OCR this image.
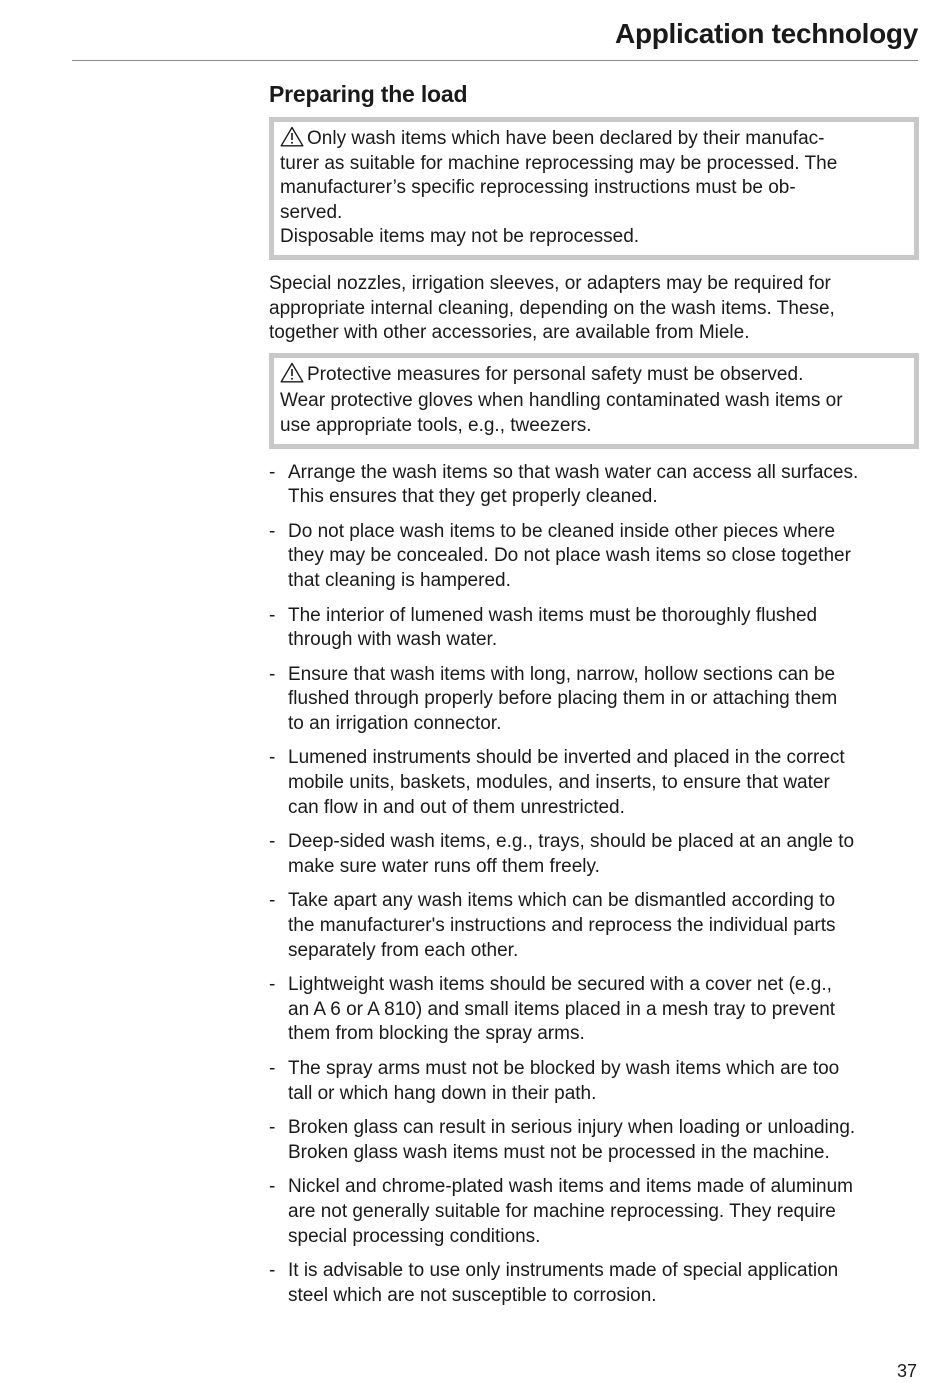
Application technology
Preparing the load

Only wash items which have been declared by their manufac-
turer as suitable for machine reprocessing may be processed. The
manufacturer’s specific reprocessing instructions must be ob-
served.
Disposable items may not be reprocessed.

Special nozzles, irrigation sleeves, or adapters may be required for
appropriate internal cleaning, depending on the wash items. These,
together with other accessories, are available from Miele.

Protective measures for personal safety must be observed.

Wear protective gloves when handling contaminated wash items or
use appropriate tools, e.g., tweezers.

- Arrange the wash items so that wash water can access all surfaces.
This ensures that they get properly cleaned.
- Do not place wash items to be cleaned inside other pieces where
they may be concealed. Do not place wash items so close together
that cleaning is hampered.
- The interior of lumened wash items must be thoroughly flushed
through with wash water.
- Ensure that wash items with long, narrow, hollow sections can be
flushed through properly before placing them in or attaching them
to an irrigation connector.
- Lumened instruments should be inverted and placed in the correct
mobile units, baskets, modules, and inserts, to ensure that water
can flow in and out of them unrestricted.
- Deep-sided wash items, e.g., trays, should be placed at an angle to
make sure water runs off them freely.
- Take apart any wash items which can be dismantled according to
the manufacturer's instructions and reprocess the individual parts
separately from each other.
- Lightweight wash items should be secured with a cover net (e.g.,
an A 6 or A 810) and small items placed in a mesh tray to prevent
them from blocking the spray arms.
- The spray arms must not be blocked by wash items which are too
tall or which hang down in their path.
- Broken glass can result in serious injury when loading or unloading.
Broken glass wash items must not be processed in the machine.
- Nickel and chrome-plated wash items and items made of aluminum
are not generally suitable for machine reprocessing. They require
special processing conditions.
- It is advisable to use only instruments made of special application
steel which are not susceptible to corrosion.
37
